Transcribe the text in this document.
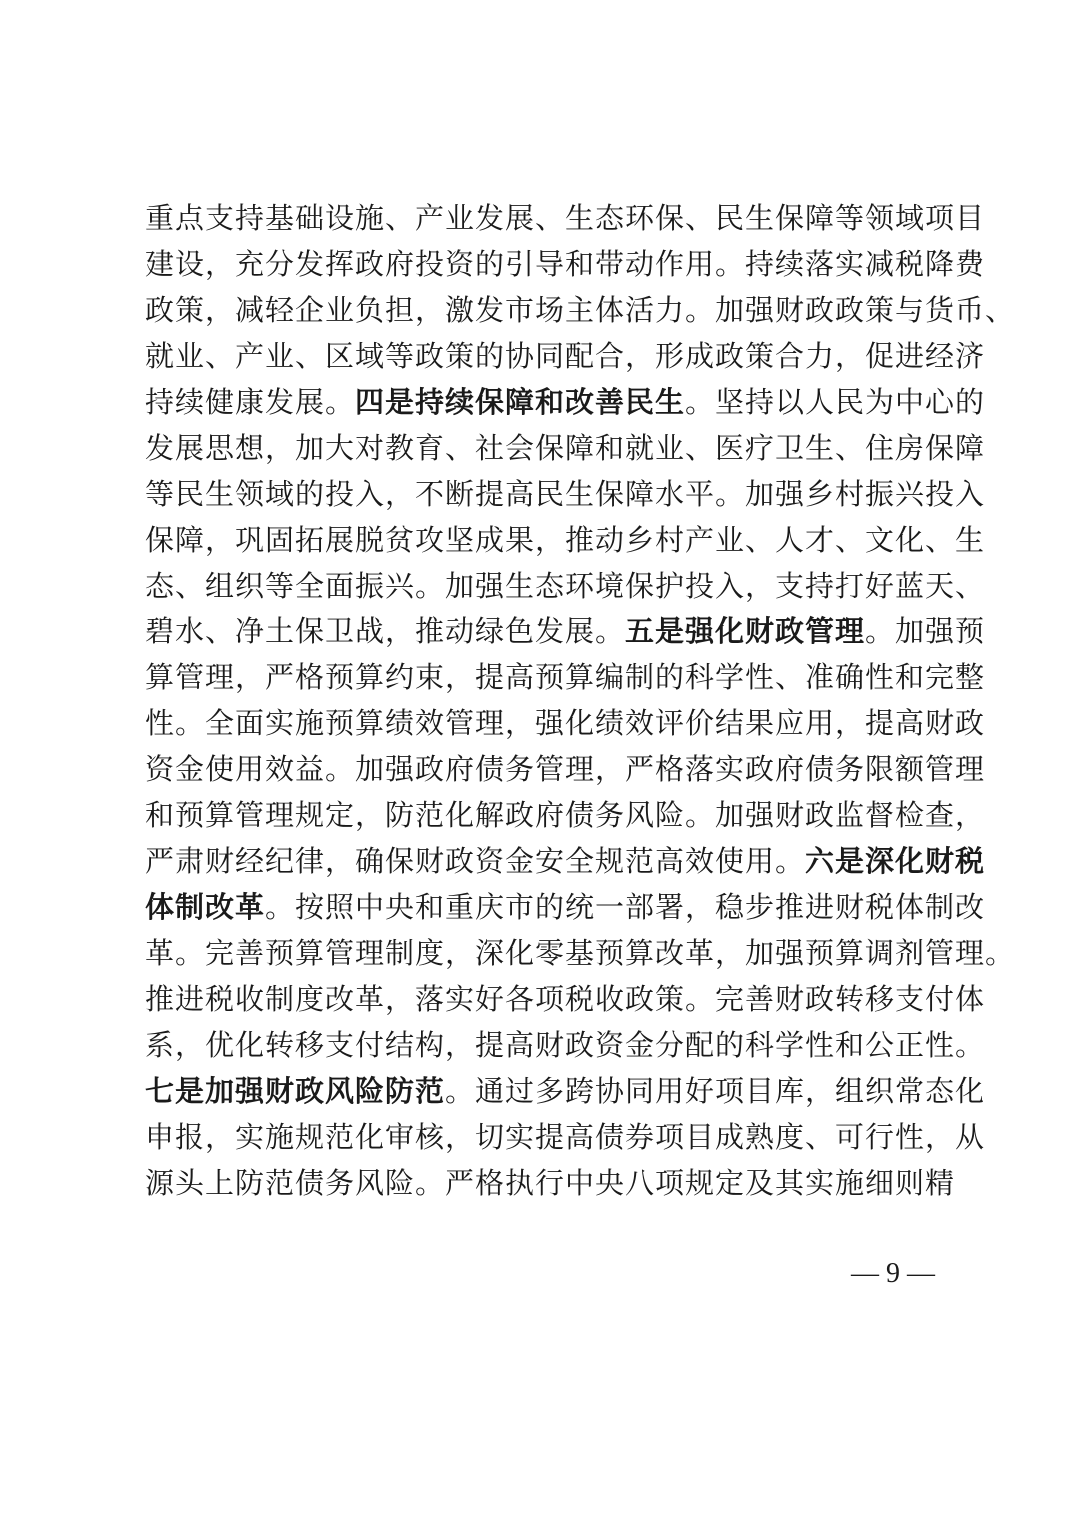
重点支持基础设施、产业发展、生态环保、民生保障等领域项目
建设，充分发挥政府投资的引导和带动作用。持续落实减税降费
政策，减轻企业负担，激发市场主体活力。加强财政政策与货币、
就业、产业、区域等政策的协同配合，形成政策合力，促进经济
持续健康发展。四是持续保障和改善民生。坚持以人民为中心的
发展思想，加大对教育、社会保障和就业、医疗卫生、住房保障
等民生领域的投入，不断提高民生保障水平。加强乡村振兴投入
保障，巩固拓展脱贫攻坚成果，推动乡村产业、人才、文化、生
态、组织等全面振兴。加强生态环境保护投入，支持打好蓝天、
碧水、净土保卫战，推动绿色发展。五是强化财政管理。加强预
算管理，严格预算约束，提高预算编制的科学性、准确性和完整
性。全面实施预算绩效管理，强化绩效评价结果应用，提高财政
资金使用效益。加强政府债务管理，严格落实政府债务限额管理
和预算管理规定，防范化解政府债务风险。加强财政监督检查，
严肃财经纪律，确保财政资金安全规范高效使用。六是深化财税
体制改革。按照中央和重庆市的统一部署，稳步推进财税体制改
革。完善预算管理制度，深化零基预算改革，加强预算调剂管理。
推进税收制度改革，落实好各项税收政策。完善财政转移支付体
系，优化转移支付结构，提高财政资金分配的科学性和公正性。
七是加强财政风险防范。通过多跨协同用好项目库，组织常态化
申报，实施规范化审核，切实提高债券项目成熟度、可行性，从
源头上防范债务风险。严格执行中央八项规定及其实施细则精
— 9 —
